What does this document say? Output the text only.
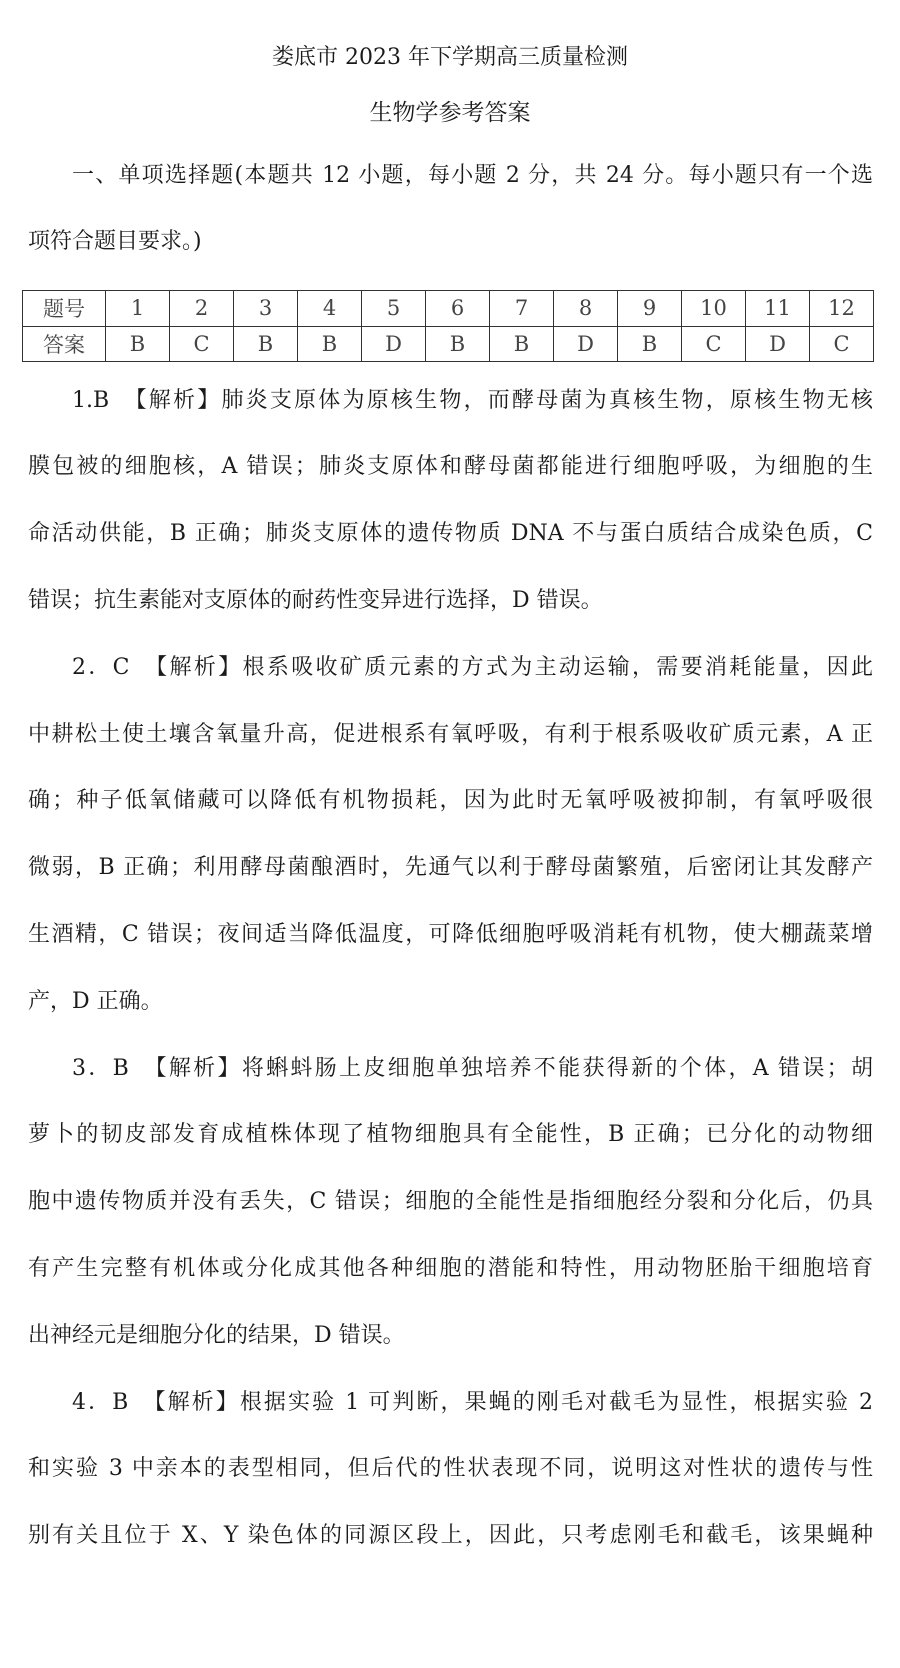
娄底市 2023 年下学期高三质量检测
生物学参考答案
一、单项选择题(本题共 12 小题，每小题 2 分，共 24 分。每小题只有一个选
项符合题目要求。)
题号	1	2	3	4	5	6	7	8	9	10	11	12
答案	B	C	B	B	D	B	B	D	B	C	D	C
1.B　【解析】肺炎支原体为原核生物，而酵母菌为真核生物，原核生物无核
膜包被的细胞核，A 错误；肺炎支原体和酵母菌都能进行细胞呼吸，为细胞的生
命活动供能，B 正确；肺炎支原体的遗传物质 DNA 不与蛋白质结合成染色质，C
错误；抗生素能对支原体的耐药性变异进行选择，D 错误。
2．C　【解析】根系吸收矿质元素的方式为主动运输，需要消耗能量，因此
中耕松土使土壤含氧量升高，促进根系有氧呼吸，有利于根系吸收矿质元素，A 正
确；种子低氧储藏可以降低有机物损耗，因为此时无氧呼吸被抑制，有氧呼吸很
微弱，B 正确；利用酵母菌酿酒时，先通气以利于酵母菌繁殖，后密闭让其发酵产
生酒精，C 错误；夜间适当降低温度，可降低细胞呼吸消耗有机物，使大棚蔬菜增
产，D 正确。
3．B　【解析】将蝌蚪肠上皮细胞单独培养不能获得新的个体，A 错误；胡
萝卜的韧皮部发育成植株体现了植物细胞具有全能性，B 正确；已分化的动物细
胞中遗传物质并没有丢失，C 错误；细胞的全能性是指细胞经分裂和分化后，仍具
有产生完整有机体或分化成其他各种细胞的潜能和特性，用动物胚胎干细胞培育
出神经元是细胞分化的结果，D 错误。
4．B　【解析】根据实验 1 可判断，果蝇的刚毛对截毛为显性，根据实验 2
和实验 3 中亲本的表型相同，但后代的性状表现不同，说明这对性状的遗传与性
别有关且位于 X、Y 染色体的同源区段上，因此，只考虑刚毛和截毛，该果蝇种
